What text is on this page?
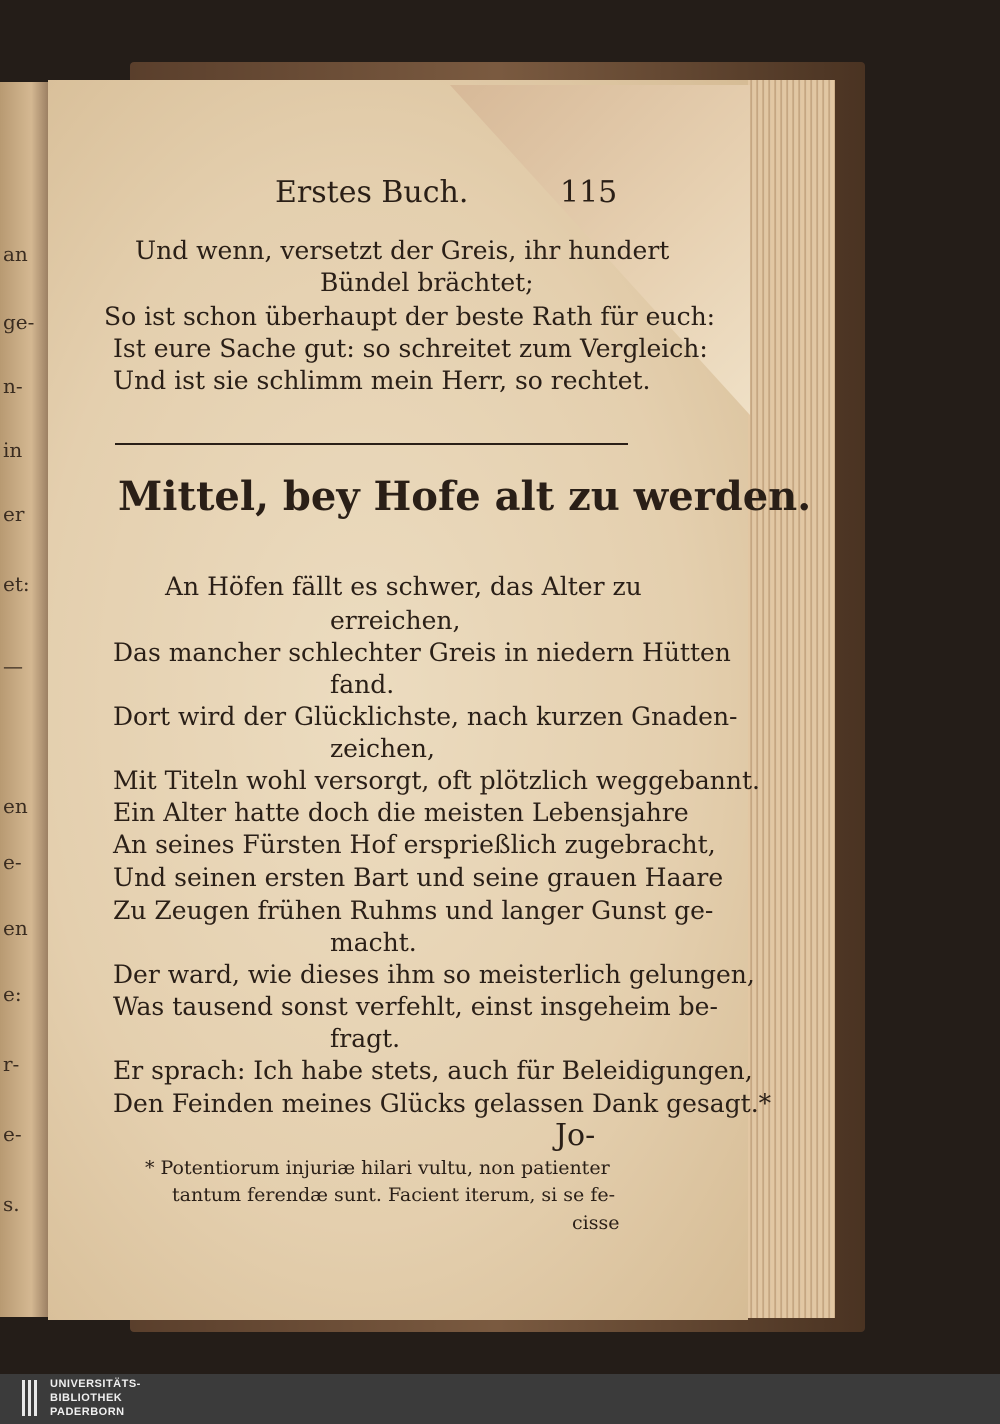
an
ge-
n-
in
er
et:
—
en
e-
en
e:
r-
e-
s.
Erstes Buch.	115
Und wenn, versetzt der Greis, ihr hundert
Bündel brächtet;
So ist schon überhaupt der beste Rath für euch:
Ist eure Sache gut: so schreitet zum Vergleich:
Und ist sie schlimm mein Herr, so rechtet.
Mittel, bey Hofe alt zu werden.
An Höfen fällt es schwer, das Alter zu
erreichen,
Das mancher schlechter Greis in niedern Hütten
fand.
Dort wird der Glücklichste, nach kurzen Gnaden-
zeichen,
Mit Titeln wohl versorgt, oft plötzlich weggebannt.
Ein Alter hatte doch die meisten Lebensjahre
An seines Fürsten Hof ersprießlich zugebracht,
Und seinen ersten Bart und seine grauen Haare
Zu Zeugen frühen Ruhms und langer Gunst ge-
macht.
Der ward, wie dieses ihm so meisterlich gelungen,
Was tausend sonst verfehlt, einst insgeheim be-
fragt.
Er sprach: Ich habe stets, auch für Beleidigungen,
Den Feinden meines Glücks gelassen Dank gesagt.*
Jo-
* Potentiorum injuriæ hilari vultu, non patienter
tantum ferendæ sunt. Facient iterum, si se fe-
cisse
UNIVERSITÄTS-
BIBLIOTHEK
PADERBORN
